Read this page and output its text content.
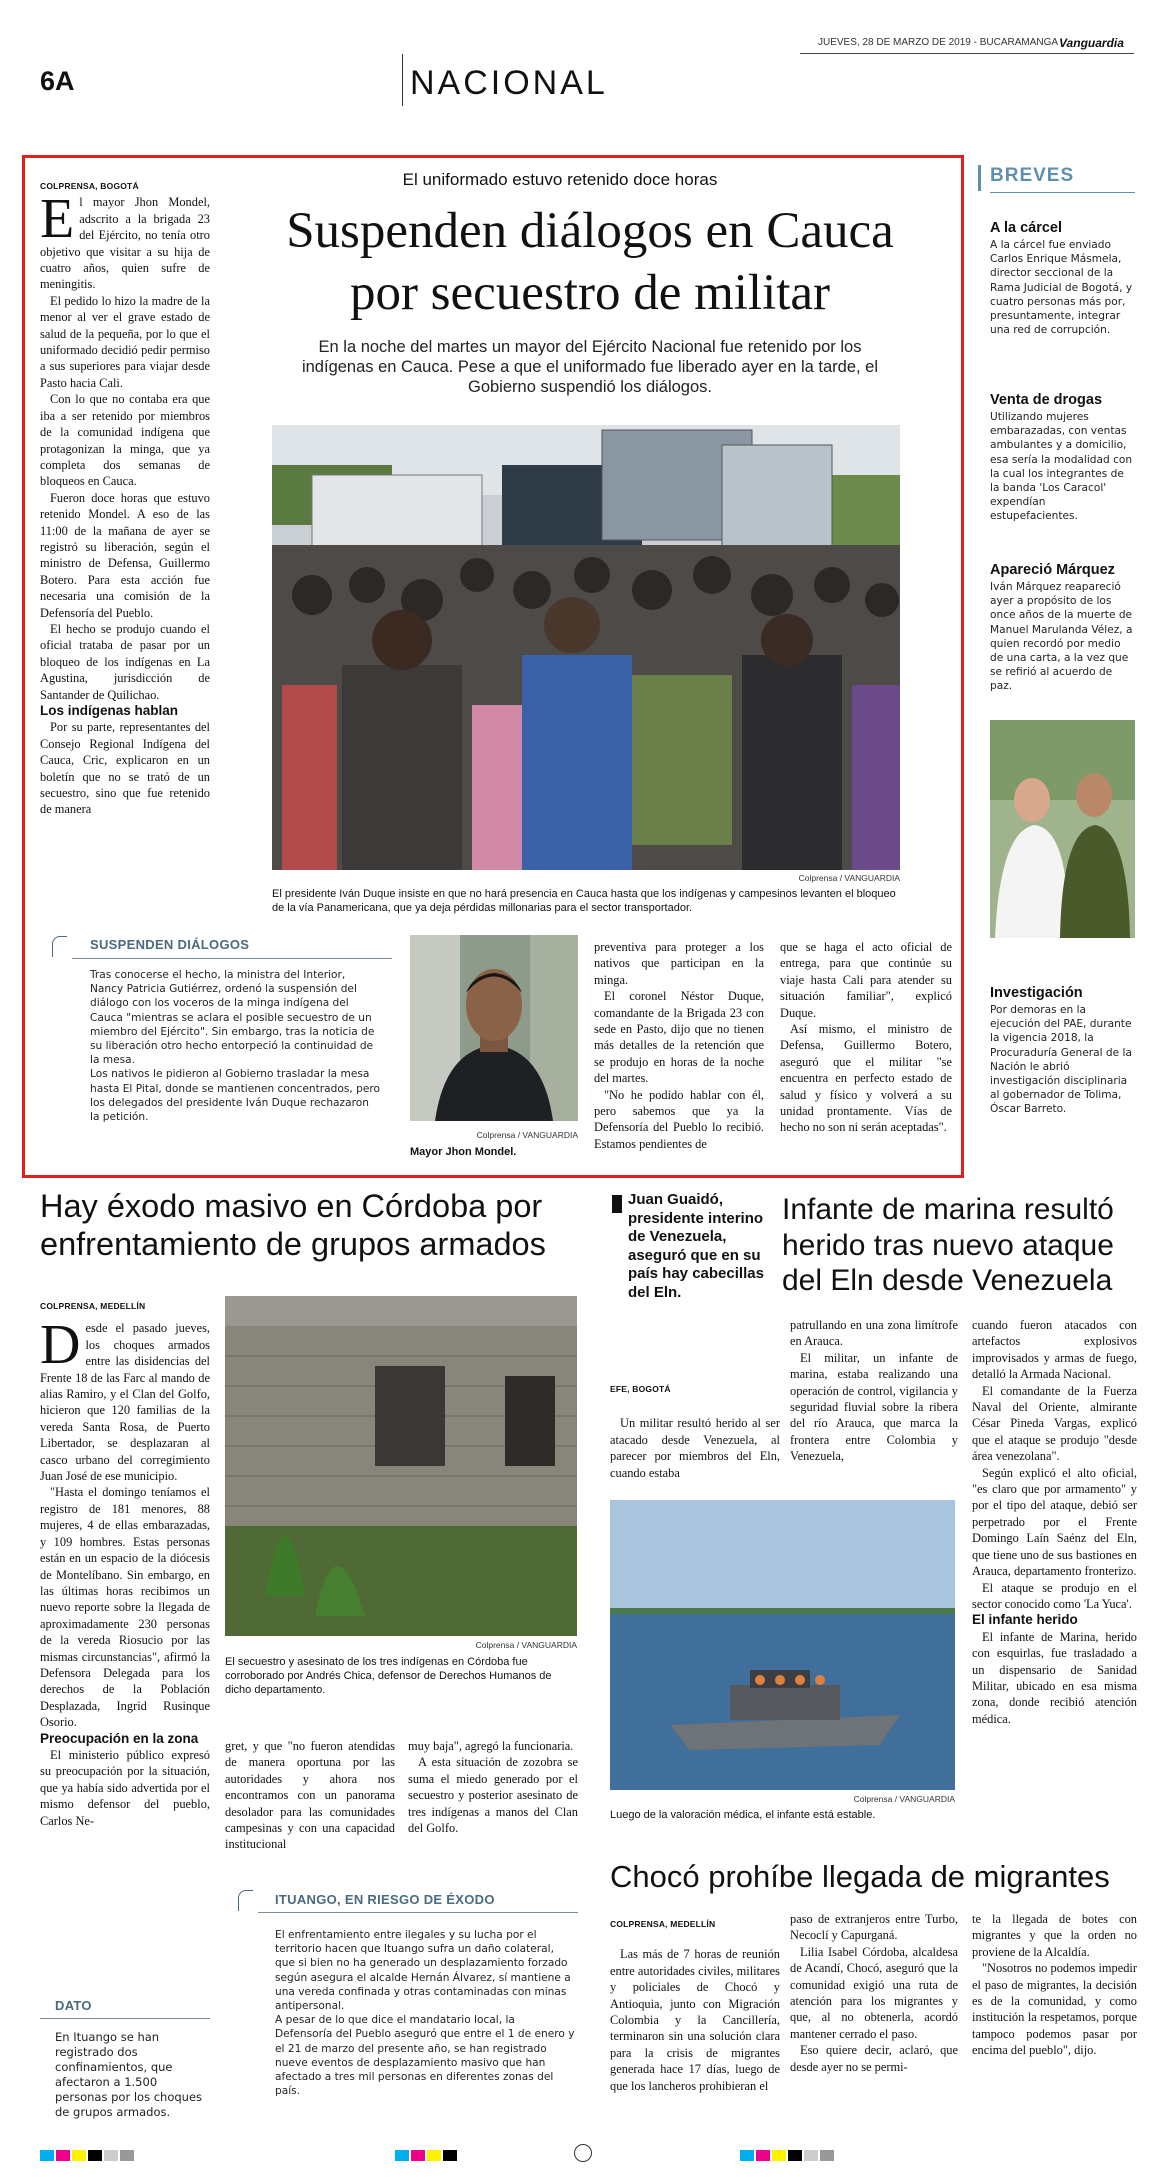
6A	NACIONAL
JUEVES, 28 DE MARZO DE 2019 - BUCARAMANGA Vanguardia
El uniformado estuvo retenido doce horas
Suspenden diálogos en Cauca
por secuestro de militar
En la noche del martes un mayor del Ejército Nacional fue retenido por los indígenas en Cauca. Pese a que el uniformado fue liberado ayer en la tarde, el Gobierno suspendió los diálogos.
COLPRENSA, BOGOTÁ

El mayor Jhon Mondel, adscrito a la brigada 23 del Ejército, no tenía otro objetivo que visitar a su hija de cuatro años, quien sufre de meningitis.

El pedido lo hizo la madre de la menor al ver el grave estado de salud de la pequeña, por lo que el uniformado decidió pedir permiso a sus superiores para viajar desde Pasto hacia Cali.

Con lo que no contaba era que iba a ser retenido por miembros de la comunidad indígena que protagonizan la minga, que ya completa dos semanas de bloqueos en Cauca.

Fueron doce horas que estuvo retenido Mondel. A eso de las 11:00 de la mañana de ayer se registró su liberación, según el ministro de Defensa, Guillermo Botero. Para esta acción fue necesaria una comisión de la Defensoría del Pueblo.

El hecho se produjo cuando el oficial trataba de pasar por un bloqueo de los indígenas en La Agustina, jurisdicción de Santander de Quilichao.

Los indígenas hablan

Por su parte, representantes del Consejo Regional Indígena del Cauca, Cric, explicaron en un boletín que no se trató de un secuestro, sino que fue retenido de manera

Colprensa / VANGUARDIA
El presidente Iván Duque insiste en que no hará presencia en Cauca hasta que los indígenas y campesinos levanten el bloqueo de la vía Panamericana, que ya deja pérdidas millonarias para el sector transportador.
SUSPENDEN DIÁLOGOS
Tras conocerse el hecho, la ministra del Interior, Nancy Patricia Gutiérrez, ordenó la suspensión del diálogo con los voceros de la minga indígena del Cauca "mientras se aclara el posible secuestro de un miembro del Ejército". Sin embargo, tras la noticia de su liberación otro hecho entorpeció la continuidad de la mesa.
Los nativos le pidieron al Gobierno trasladar la mesa hasta El Pital, donde se mantienen concentrados, pero los delegados del presidente Iván Duque rechazaron la petición.
Colprensa / VANGUARDIA
Mayor Jhon Mondel.

preventiva para proteger a los nativos que participan en la minga.

El coronel Néstor Duque, comandante de la Brigada 23 con sede en Pasto, dijo que no tienen más detalles de la retención que se produjo en horas de la noche del martes.

"No he podido hablar con él, pero sabemos que ya la Defensoría del Pueblo lo recibió. Estamos pendientes de

que se haga el acto oficial de entrega, para que continúe su viaje hasta Cali para atender su situación familiar", explicó Duque.

Así mismo, el ministro de Defensa, Guillermo Botero, aseguró que el militar "se encuentra en perfecto estado de salud y físico y volverá a su unidad prontamente. Vías de hecho no son ni serán aceptadas".

BREVES
A la cárcel
A la cárcel fue enviado Carlos Enrique Másmela, director seccional de la Rama Judicial de Bogotá, y cuatro personas más por, presuntamente, integrar una red de corrupción.
Venta de drogas
Utilizando mujeres embarazadas, con ventas ambulantes y a domicilio, esa sería la modalidad con la cual los integrantes de la banda 'Los Caracol' expendían estupefacientes.
Apareció Márquez
Iván Márquez reapareció ayer a propósito de los once años de la muerte de Manuel Marulanda Vélez, a quien recordó por medio de una carta, a la vez que se refirió al acuerdo de paz.
Investigación
Por demoras en la ejecución del PAE, durante la vigencia 2018, la Procuraduría General de la Nación le abrió investigación disciplinaria al gobernador de Tolima, Óscar Barreto.
Hay éxodo masivo en Córdoba por enfrentamiento de grupos armados
COLPRENSA, MEDELLÍN

Desde el pasado jueves, los choques armados entre las disidencias del Frente 18 de las Farc al mando de alias Ramiro, y el Clan del Golfo, hicieron que 120 familias de la vereda Santa Rosa, de Puerto Libertador, se desplazaran al casco urbano del corregimiento Juan José de ese municipio.

"Hasta el domingo teníamos el registro de 181 menores, 88 mujeres, 4 de ellas embarazadas, y 109 hombres. Estas personas están en un espacio de la diócesis de Montelíbano. Sin embargo, en las últimas horas recibimos un nuevo reporte sobre la llegada de aproximadamente 230 personas de la vereda Riosucio por las mismas circunstancias", afirmó la Defensora Delegada para los derechos de la Población Desplazada, Ingrid Rusinque Osorio.

Preocupación en la zona

El ministerio público expresó su preocupación por la situación, que ya había sido advertida por el mismo defensor del pueblo, Carlos Ne-

Colprensa / VANGUARDIA
El secuestro y asesinato de los tres indígenas en Córdoba fue corroborado por Andrés Chica, defensor de Derechos Humanos de dicho departamento.

gret, y que "no fueron atendidas de manera oportuna por las autoridades y ahora nos encontramos con un panorama desolador para las comunidades campesinas y con una capacidad institucional

muy baja", agregó la funcionaria.

A esta situación de zozobra se suma el miedo generado por el secuestro y posterior asesinato de tres indígenas a manos del Clan del Golfo.

ITUANGO, EN RIESGO DE ÉXODO
El enfrentamiento entre ilegales y su lucha por el territorio hacen que Ituango sufra un daño colateral, que si bien no ha generado un desplazamiento forzado según asegura el alcalde Hernán Álvarez, sí mantiene a una vereda confinada y otras contaminadas con minas antipersonal.
A pesar de lo que dice el mandatario local, la Defensoría del Pueblo aseguró que entre el 1 de enero y el 21 de marzo del presente año, se han registrado nueve eventos de desplazamiento masivo que han afectado a tres mil personas en diferentes zonas del país.
DATO
En Ituango se han registrado dos confinamientos, que afectaron a 1.500 personas por los choques de grupos armados.
Juan Guaidó, presidente interino de Venezuela, aseguró que en su país hay cabecillas del Eln.
Infante de marina resultó herido tras nuevo ataque del Eln desde Venezuela
EFE, BOGOTÁ

Un militar resultó herido al ser atacado desde Venezuela, al parecer por miembros del Eln, cuando estaba

patrullando en una zona limítrofe en Arauca.

El militar, un infante de marina, estaba realizando una operación de control, vigilancia y seguridad fluvial sobre la ribera del río Arauca, que marca la frontera entre Colombia y Venezuela,

cuando fueron atacados con artefactos explosivos improvisados y armas de fuego, detalló la Armada Nacional.

El comandante de la Fuerza Naval del Oriente, almirante César Pineda Vargas, explicó que el ataque se produjo "desde área venezolana".

Según explicó el alto oficial, "es claro que por armamento" y por el tipo del ataque, debió ser perpetrado por el Frente Domingo Laín Saénz del Eln, que tiene uno de sus bastiones en Arauca, departamento fronterizo.

El ataque se produjo en el sector conocido como 'La Yuca'.

El infante herido

El infante de Marina, herido con esquirlas, fue trasladado a un dispensario de Sanidad Militar, ubicado en esa misma zona, donde recibió atención médica.

Colprensa / VANGUARDIA
Luego de la valoración médica, el infante está estable.
Chocó prohíbe llegada de migrantes
COLPRENSA, MEDELLÍN

Las más de 7 horas de reunión entre autoridades civiles, militares y policiales de Chocó y Antioquia, junto con Migración Colombia y la Cancillería, terminaron sin una solución clara para la crisis de migrantes generada hace 17 días, luego de que los lancheros prohibieran el

paso de extranjeros entre Turbo, Necoclí y Capurganá.

Lilia Isabel Córdoba, alcaldesa de Acandí, Chocó, aseguró que la comunidad exigió una ruta de atención para los migrantes y que, al no obtenerla, acordó mantener cerrado el paso.

Eso quiere decir, aclaró, que desde ayer no se permi-

te la llegada de botes con migrantes y que la orden no proviene de la Alcaldía.

"Nosotros no podemos impedir el paso de migrantes, la decisión es de la comunidad, y como institución la respetamos, porque tampoco podemos pasar por encima del pueblo", dijo.
